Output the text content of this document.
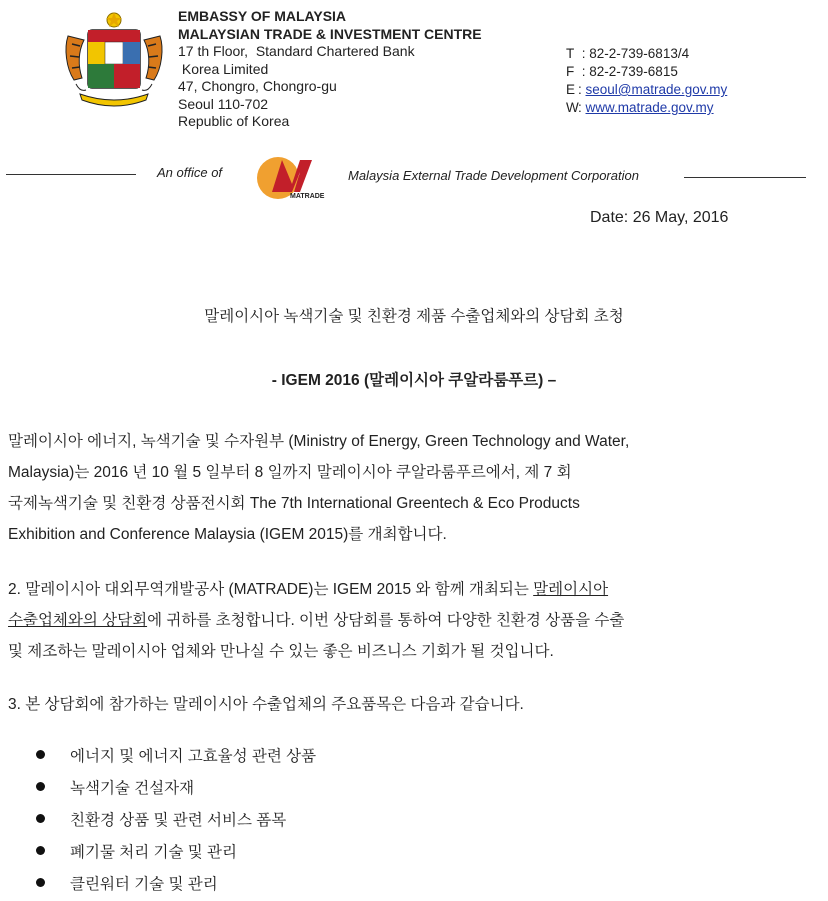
EMBASSY OF MALAYSIA
MALAYSIAN TRADE & INVESTMENT CENTRE
17 th Floor,  Standard Chartered Bank
Korea Limited
47, Chongro, Chongro-gu
Seoul 110-702
Republic of Korea
T : 82-2-739-6813/4
F : 82-2-739-6815
E : seoul@matrade.gov.my
W: www.matrade.gov.my
An office of
MATRADE
Malaysia External Trade Development Corporation
Date: 26 May, 2016
말레이시아 녹색기술 및 친환경 제품 수출업체와의 상담회 초청
- IGEM 2016 (말레이시아 쿠알라룸푸르) –
말레이시아 에너지, 녹색기술 및 수자원부 (Ministry of Energy, Green Technology and Water,
Malaysia)는 2016 년 10 월 5 일부터 8 일까지 말레이시아 쿠알라룸푸르에서, 제 7 회
국제녹색기술 및 친환경 상품전시회 The 7th International Greentech & Eco Products
Exhibition and Conference Malaysia (IGEM 2015)를 개최합니다.
2. 말레이시아 대외무역개발공사 (MATRADE)는 IGEM 2015 와 함께 개최되는 말레이시아
수출업체와의 상담회에 귀하를 초청합니다. 이번 상담회를 통하여 다양한 친환경 상품을 수출
및 제조하는 말레이시아 업체와 만나실 수 있는 좋은 비즈니스 기회가 될 것입니다.
3. 본 상담회에 참가하는 말레이시아 수출업체의 주요품목은 다음과 같습니다.
에너지 및 에너지 고효율성 관련 상품
녹색기술 건설자재
친환경 상품 및 관련 서비스 폼목
폐기물 처리 기술 및 관리
클린워터 기술 및 관리
